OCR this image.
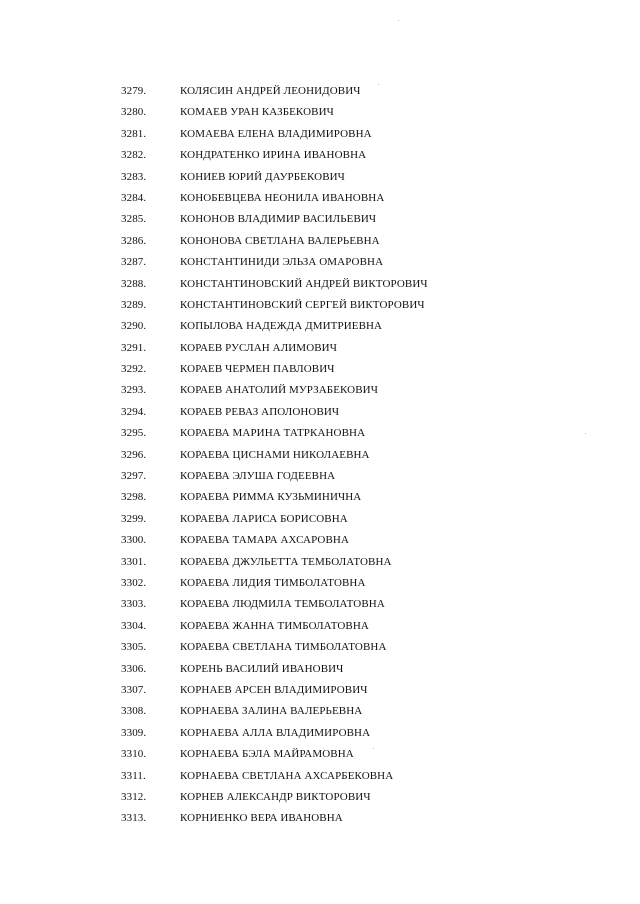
3279.	КОЛЯСИН АНДРЕЙ ЛЕОНИДОВИЧ
3280.	КОМАЕВ УРАН КАЗБЕКОВИЧ
3281.	КОМАЕВА ЕЛЕНА ВЛАДИМИРОВНА
3282.	КОНДРАТЕНКО ИРИНА ИВАНОВНА
3283.	КОНИЕВ ЮРИЙ ДАУРБЕКОВИЧ
3284.	КОНОБЕВЦЕВА НЕОНИЛА ИВАНОВНА
3285.	КОНОНОВ ВЛАДИМИР ВАСИЛЬЕВИЧ
3286.	КОНОНОВА СВЕТЛАНА ВАЛЕРЬЕВНА
3287.	КОНСТАНТИНИДИ ЭЛЬЗА ОМАРОВНА
3288.	КОНСТАНТИНОВСКИЙ АНДРЕЙ ВИКТОРОВИЧ
3289.	КОНСТАНТИНОВСКИЙ СЕРГЕЙ ВИКТОРОВИЧ
3290.	КОПЫЛОВА НАДЕЖДА ДМИТРИЕВНА
3291.	КОРАЕВ РУСЛАН АЛИМОВИЧ
3292.	КОРАЕВ ЧЕРМЕН ПАВЛОВИЧ
3293.	КОРАЕВ АНАТОЛИЙ МУРЗАБЕКОВИЧ
3294.	КОРАЕВ РЕВАЗ АПОЛОНОВИЧ
3295.	КОРАЕВА МАРИНА ТАТРКАНОВНА
3296.	КОРАЕВА ЦИСНАМИ НИКОЛАЕВНА
3297.	КОРАЕВА ЭЛУША ГОДЕЕВНА
3298.	КОРАЕВА РИММА КУЗЬМИНИЧНА
3299.	КОРАЕВА ЛАРИСА БОРИСОВНА
3300.	КОРАЕВА ТАМАРА АХСАРОВНА
3301.	КОРАЕВА ДЖУЛЬЕТТА ТЕМБОЛАТОВНА
3302.	КОРАЕВА ЛИДИЯ ТИМБОЛАТОВНА
3303.	КОРАЕВА ЛЮДМИЛА ТЕМБОЛАТОВНА
3304.	КОРАЕВА ЖАННА ТИМБОЛАТОВНА
3305.	КОРАЕВА СВЕТЛАНА ТИМБОЛАТОВНА
3306.	КОРЕНЬ ВАСИЛИЙ ИВАНОВИЧ
3307.	КОРНАЕВ АРСЕН ВЛАДИМИРОВИЧ
3308.	КОРНАЕВА ЗАЛИНА ВАЛЕРЬЕВНА
3309.	КОРНАЕВА АЛЛА ВЛАДИМИРОВНА
3310.	КОРНАЕВА БЭЛА МАЙРАМОВНА
3311.	КОРНАЕВА СВЕТЛАНА АХСАРБЕКОВНА
3312.	КОРНЕВ АЛЕКСАНДР ВИКТОРОВИЧ
3313.	КОРНИЕНКО ВЕРА ИВАНОВНА
